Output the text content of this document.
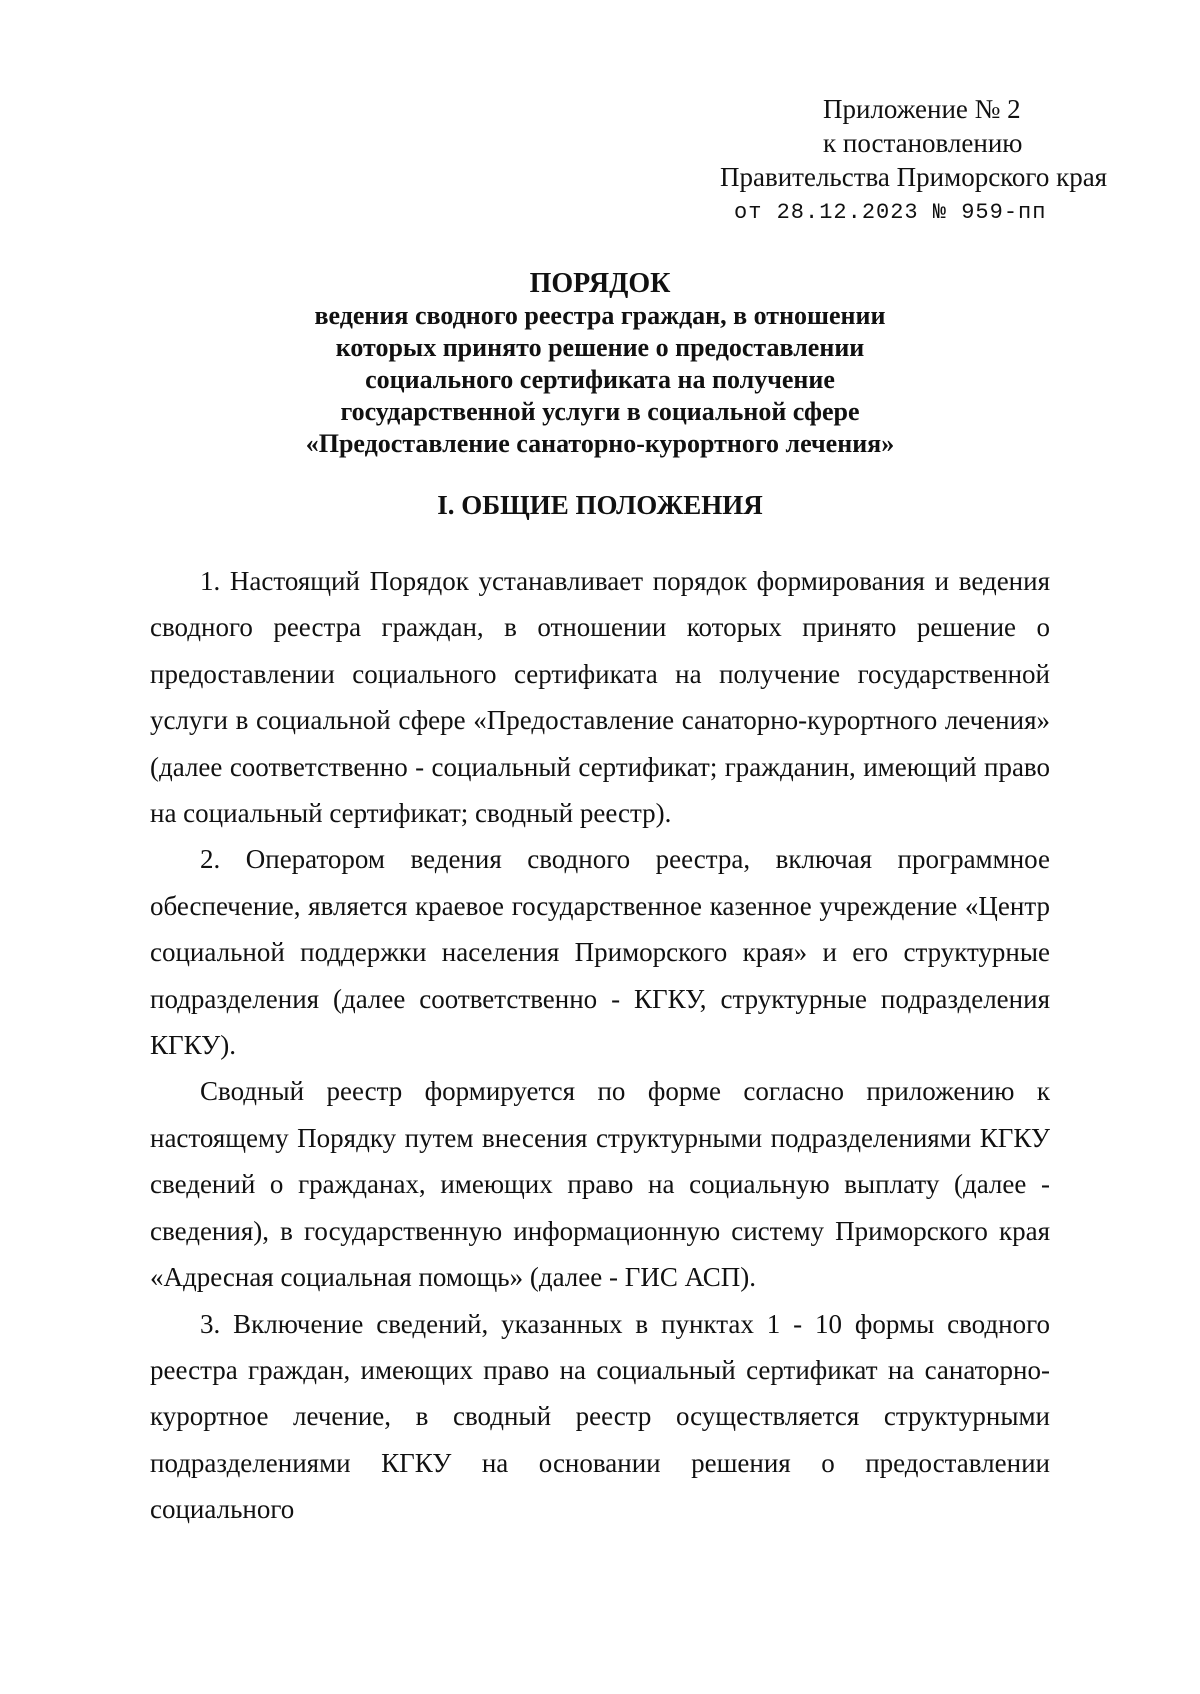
Приложение № 2
к постановлению
Правительства Приморского края
от 28.12.2023 № 959-пп
ПОРЯДОК
ведения сводного реестра граждан, в отношении
которых принято решение о предоставлении
социального сертификата на получение
государственной услуги в социальной сфере
«Предоставление санаторно-курортного лечения»
I. ОБЩИЕ ПОЛОЖЕНИЯ

1. Настоящий Порядок устанавливает порядок формирования и ведения сводного реестра граждан, в отношении которых принято решение о предоставлении социального сертификата на получение государственной услуги в социальной сфере «Предоставление санаторно-курортного лечения» (далее соответственно - социальный сертификат; гражданин, имеющий право на социальный сертификат; сводный реестр).

2. Оператором ведения сводного реестра, включая программное обеспечение, является краевое государственное казенное учреждение «Центр социальной поддержки населения Приморского края» и его структурные подразделения (далее соответственно - КГКУ, структурные подразделения КГКУ).

Сводный реестр формируется по форме согласно приложению к настоящему Порядку путем внесения структурными подразделениями КГКУ сведений о гражданах, имеющих право на социальную выплату (далее - сведения), в государственную информационную систему Приморского края «Адресная социальная помощь» (далее - ГИС АСП).

3. Включение сведений, указанных в пунктах 1 - 10 формы сводного реестра граждан, имеющих право на социальный сертификат на санаторно-курортное лечение, в сводный реестр осуществляется структурными подразделениями КГКУ на основании решения о предоставлении социального
